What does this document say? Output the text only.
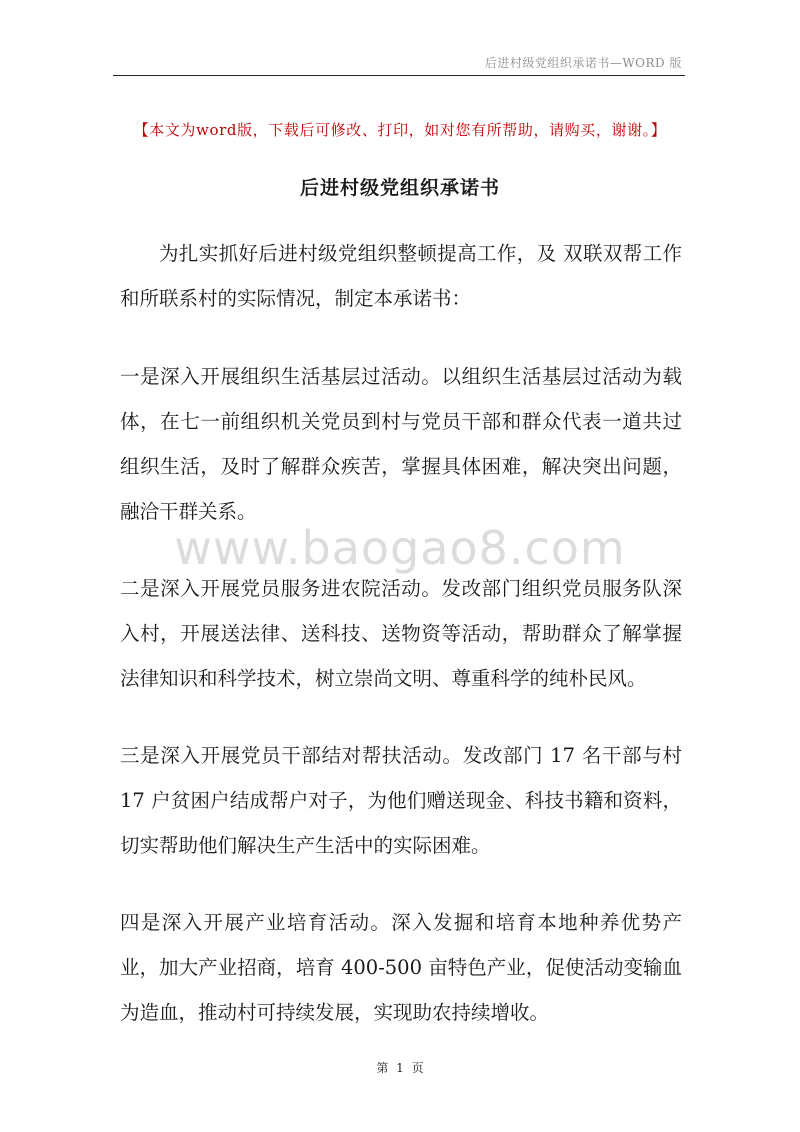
后进村级党组织承诺书—WORD 版
【本文为word版，下载后可修改、打印，如对您有所帮助，请购买，谢谢。】
后进村级党组织承诺书
为扎实抓好后进村级党组织整顿提高工作，及 双联双帮工作和所联系村的实际情况，制定本承诺书：
一是深入开展组织生活基层过活动。以组织生活基层过活动为载体，在七一前组织机关党员到村与党员干部和群众代表一道共过组织生活，及时了解群众疾苦，掌握具体困难，解决突出问题，融洽干群关系。
二是深入开展党员服务进农院活动。发改部门组织党员服务队深入村，开展送法律、送科技、送物资等活动，帮助群众了解掌握法律知识和科学技术，树立崇尚文明、尊重科学的纯朴民风。
三是深入开展党员干部结对帮扶活动。发改部门 17 名干部与村 17 户贫困户结成帮户对子，为他们赠送现金、科技书籍和资料，切实帮助他们解决生产生活中的实际困难。
四是深入开展产业培育活动。深入发掘和培育本地种养优势产业，加大产业招商，培育 400-500 亩特色产业，促使活动变输血为造血，推动村可持续发展，实现助农持续增收。
www.baogao8.com
第 1 页
